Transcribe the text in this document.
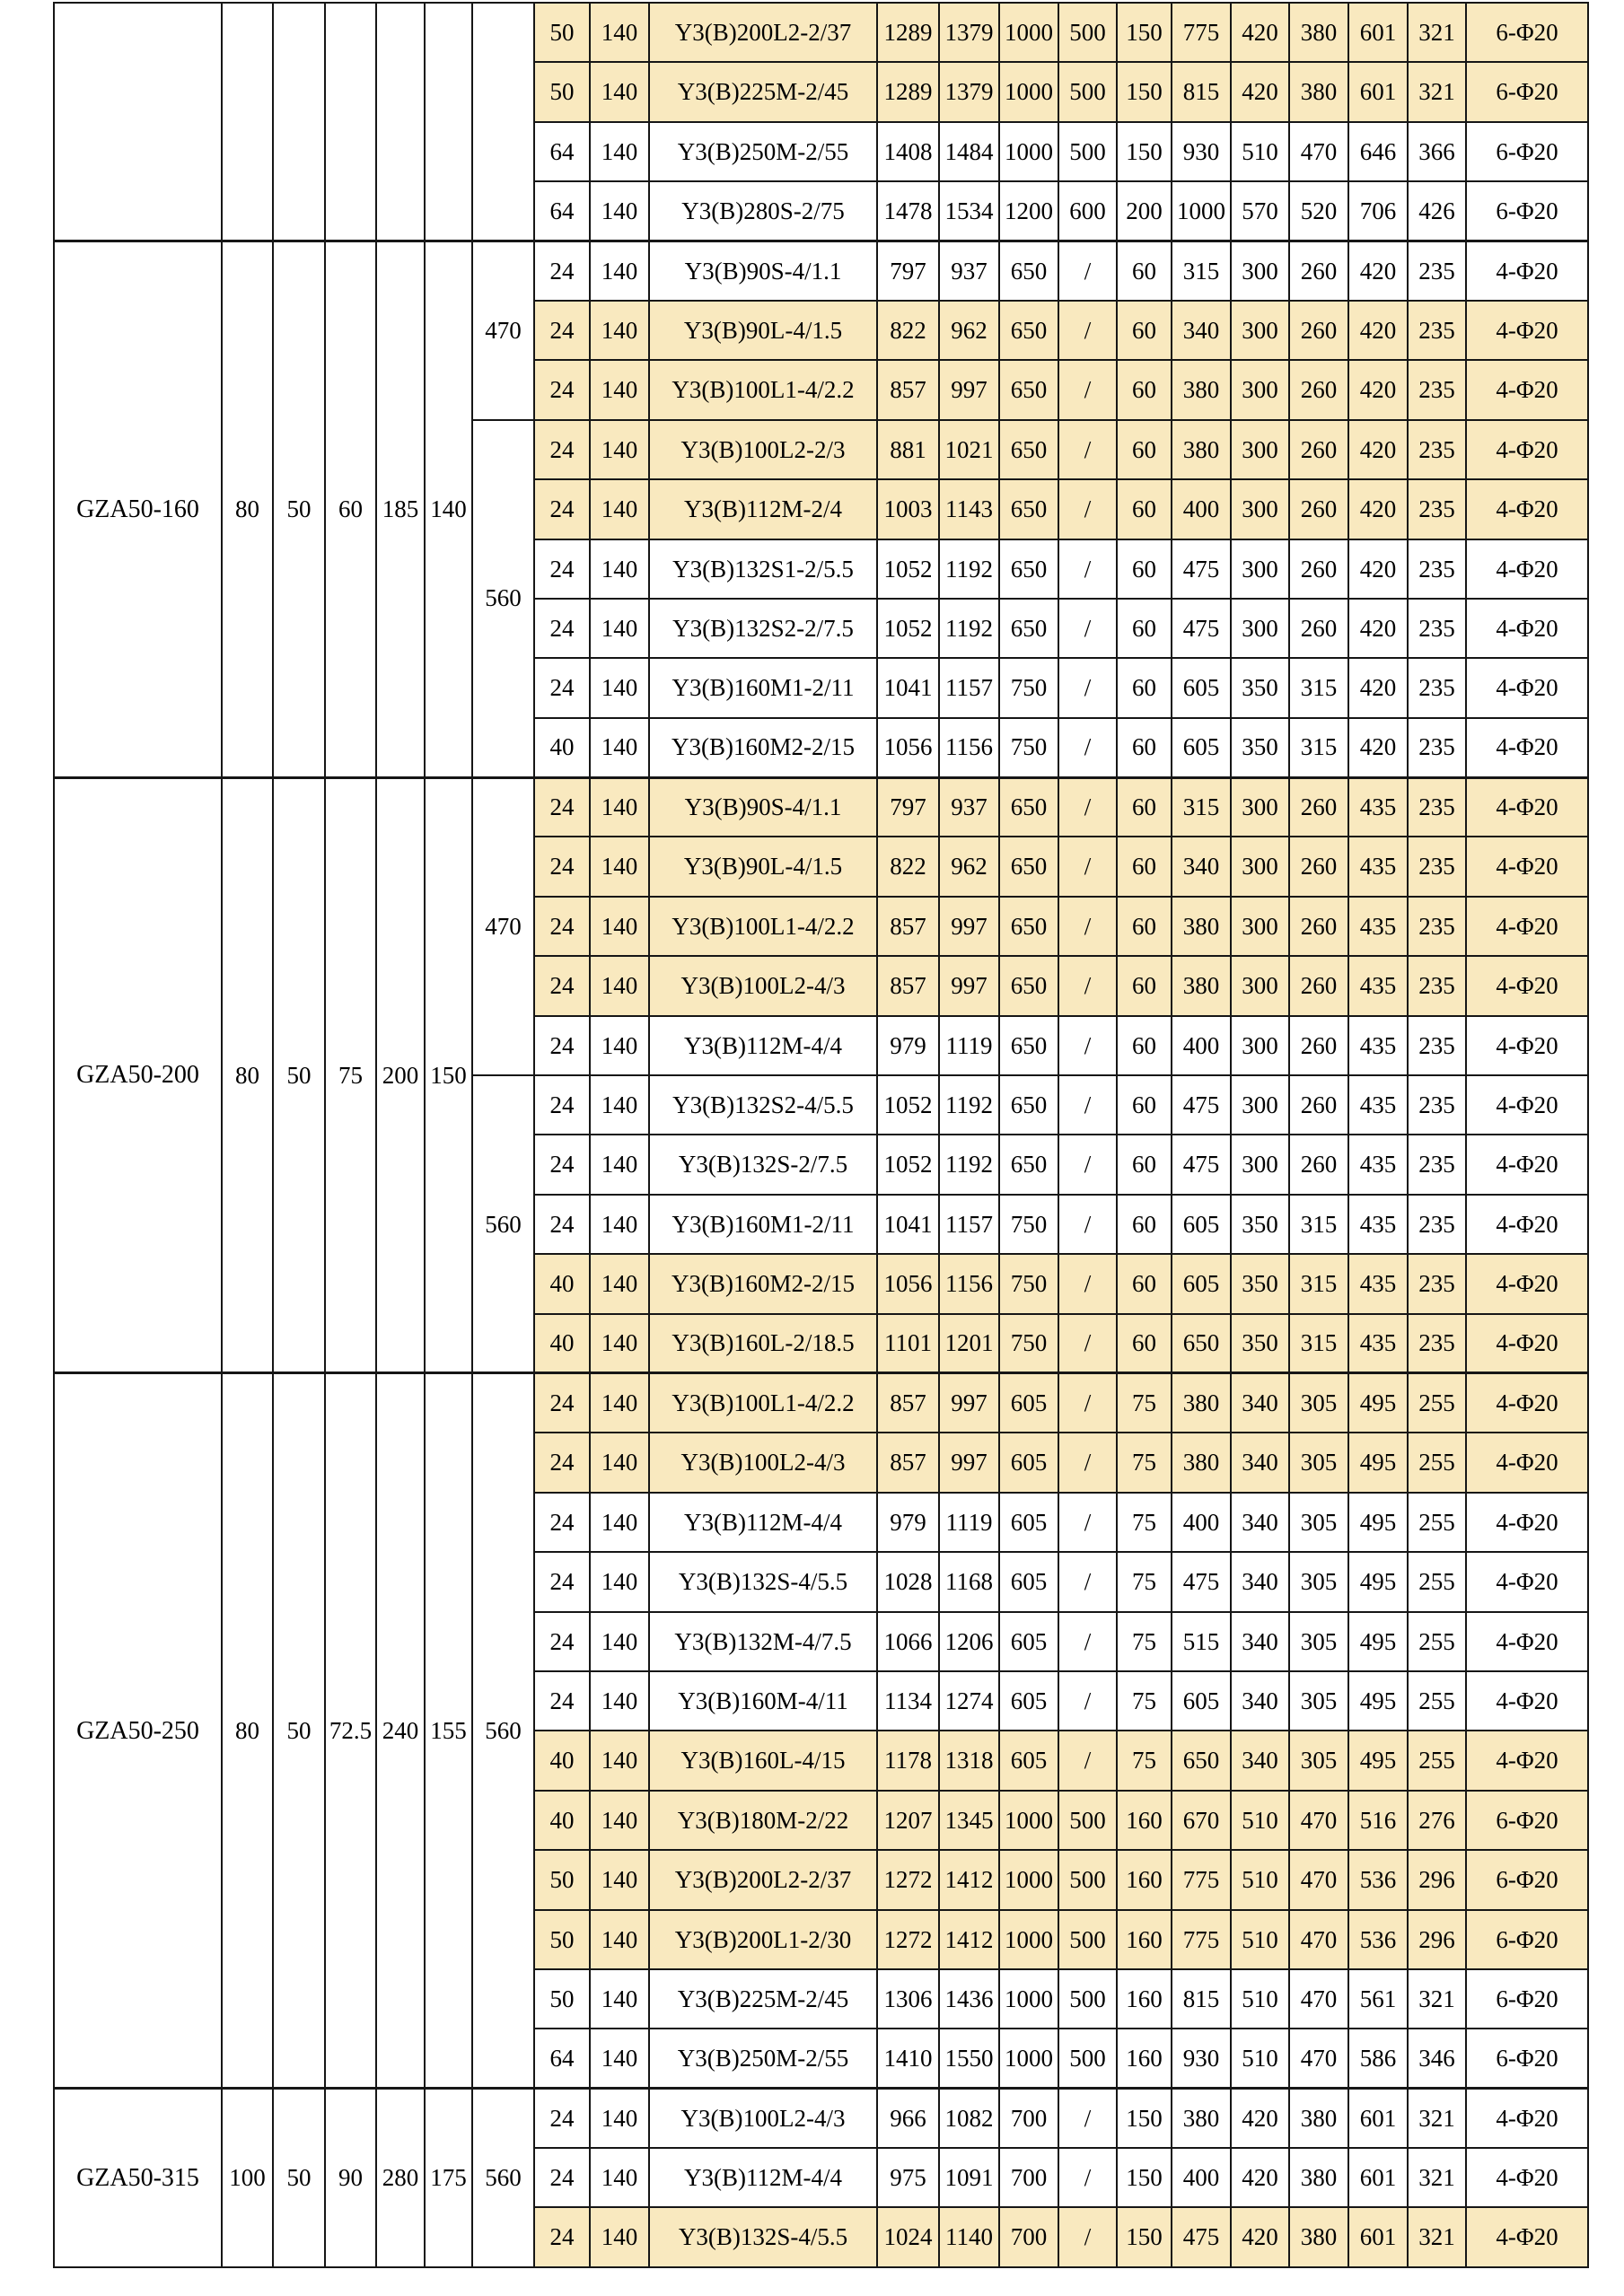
							50	140	Y3(B)200L2-2/37	1289	1379	1000	500	150	775	420	380	601	321	6-Φ20
							50	140	Y3(B)225M-2/45	1289	1379	1000	500	150	815	420	380	601	321	6-Φ20
							64	140	Y3(B)250M-2/55	1408	1484	1000	500	150	930	510	470	646	366	6-Φ20
							64	140	Y3(B)280S-2/75	1478	1534	1200	600	200	1000	570	520	706	426	6-Φ20
GZA50-160	80	50	60	185	140	470	24	140	Y3(B)90S-4/1.1	797	937	650	/	60	315	300	260	420	235	4-Φ20
							24	140	Y3(B)90L-4/1.5	822	962	650	/	60	340	300	260	420	235	4-Φ20
							24	140	Y3(B)100L1-4/2.2	857	997	650	/	60	380	300	260	420	235	4-Φ20
						560	24	140	Y3(B)100L2-2/3	881	1021	650	/	60	380	300	260	420	235	4-Φ20
							24	140	Y3(B)112M-2/4	1003	1143	650	/	60	400	300	260	420	235	4-Φ20
							24	140	Y3(B)132S1-2/5.5	1052	1192	650	/	60	475	300	260	420	235	4-Φ20
							24	140	Y3(B)132S2-2/7.5	1052	1192	650	/	60	475	300	260	420	235	4-Φ20
							24	140	Y3(B)160M1-2/11	1041	1157	750	/	60	605	350	315	420	235	4-Φ20
							40	140	Y3(B)160M2-2/15	1056	1156	750	/	60	605	350	315	420	235	4-Φ20
GZA50-200	80	50	75	200	150	470	24	140	Y3(B)90S-4/1.1	797	937	650	/	60	315	300	260	435	235	4-Φ20
							24	140	Y3(B)90L-4/1.5	822	962	650	/	60	340	300	260	435	235	4-Φ20
							24	140	Y3(B)100L1-4/2.2	857	997	650	/	60	380	300	260	435	235	4-Φ20
							24	140	Y3(B)100L2-4/3	857	997	650	/	60	380	300	260	435	235	4-Φ20
							24	140	Y3(B)112M-4/4	979	1119	650	/	60	400	300	260	435	235	4-Φ20
						560	24	140	Y3(B)132S2-4/5.5	1052	1192	650	/	60	475	300	260	435	235	4-Φ20
							24	140	Y3(B)132S-2/7.5	1052	1192	650	/	60	475	300	260	435	235	4-Φ20
							24	140	Y3(B)160M1-2/11	1041	1157	750	/	60	605	350	315	435	235	4-Φ20
							40	140	Y3(B)160M2-2/15	1056	1156	750	/	60	605	350	315	435	235	4-Φ20
							40	140	Y3(B)160L-2/18.5	1101	1201	750	/	60	650	350	315	435	235	4-Φ20
GZA50-250	80	50	72.5	240	155	560	24	140	Y3(B)100L1-4/2.2	857	997	605	/	75	380	340	305	495	255	4-Φ20
							24	140	Y3(B)100L2-4/3	857	997	605	/	75	380	340	305	495	255	4-Φ20
							24	140	Y3(B)112M-4/4	979	1119	605	/	75	400	340	305	495	255	4-Φ20
							24	140	Y3(B)132S-4/5.5	1028	1168	605	/	75	475	340	305	495	255	4-Φ20
							24	140	Y3(B)132M-4/7.5	1066	1206	605	/	75	515	340	305	495	255	4-Φ20
							24	140	Y3(B)160M-4/11	1134	1274	605	/	75	605	340	305	495	255	4-Φ20
							40	140	Y3(B)160L-4/15	1178	1318	605	/	75	650	340	305	495	255	4-Φ20
							40	140	Y3(B)180M-2/22	1207	1345	1000	500	160	670	510	470	516	276	6-Φ20
							50	140	Y3(B)200L2-2/37	1272	1412	1000	500	160	775	510	470	536	296	6-Φ20
							50	140	Y3(B)200L1-2/30	1272	1412	1000	500	160	775	510	470	536	296	6-Φ20
							50	140	Y3(B)225M-2/45	1306	1436	1000	500	160	815	510	470	561	321	6-Φ20
							64	140	Y3(B)250M-2/55	1410	1550	1000	500	160	930	510	470	586	346	6-Φ20
GZA50-315	100	50	90	280	175	560	24	140	Y3(B)100L2-4/3	966	1082	700	/	150	380	420	380	601	321	4-Φ20
							24	140	Y3(B)112M-4/4	975	1091	700	/	150	400	420	380	601	321	4-Φ20
							24	140	Y3(B)132S-4/5.5	1024	1140	700	/	150	475	420	380	601	321	4-Φ20
